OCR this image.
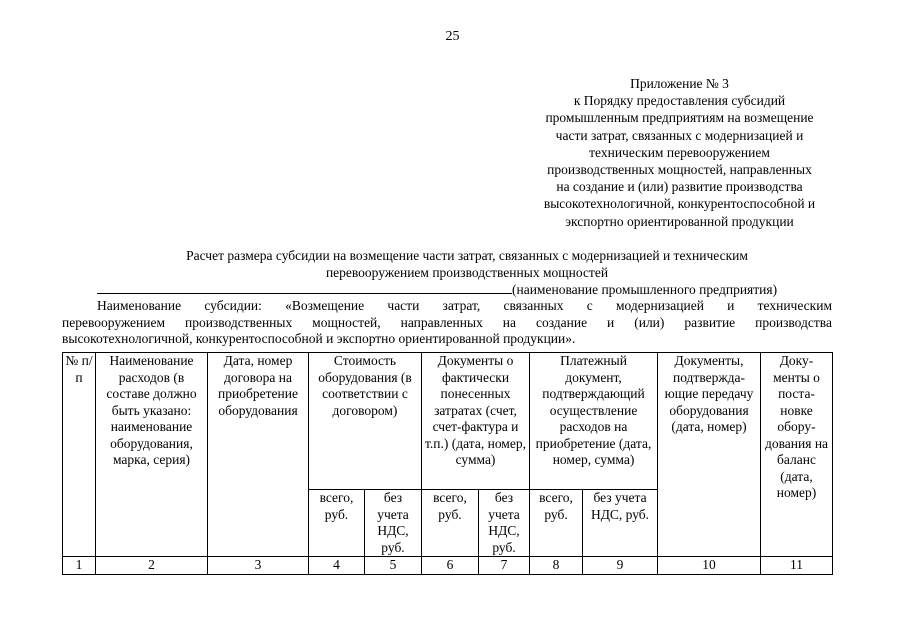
25
Приложение № 3
к Порядку предоставления субсидий
промышленным предприятиям на возмещение
части затрат, связанных с модернизацией и
техническим перевооружением
производственных мощностей, направленных
на создание и (или) развитие производства
высокотехнологичной, конкурентоспособной и
экспортно ориентированной продукции
Расчет размера субсидии на возмещение части затрат, связанных с модернизацией и техническим
перевооружением производственных мощностей
(наименование промышленного предприятия)
Наименование субсидии: «Возмещение части затрат, связанных с модернизацией и техническим
перевооружением производственных мощностей, направленных на создание и (или) развитие производства
высокотехнологичной, конкурентоспособной и экспортно ориентированной продукции».
№ п/п	Наименование расходов (в составе должно быть указано: наименование оборудования, марка, серия)	Дата, номер договора на приобретение оборудования	Стоимость оборудования (в соответствии с договором)		Документы о фактически понесенных затратах (счет, счет-фактура и т.п.) (дата, номер, сумма)		Платежный документ, подтверждающий осуществление расходов на приобретение (дата, номер, сумма)		Документы, подтвержда-ющие передачу оборудования (дата, номер)	Доку-менты о поста-новке обору-дования на баланс (дата, номер)
			всего, руб.	без учета НДС, руб.	всего, руб.	без учета НДС, руб.	всего, руб.	без учета НДС, руб.		
1	2	3	4	5	6	7	8	9	10	11
